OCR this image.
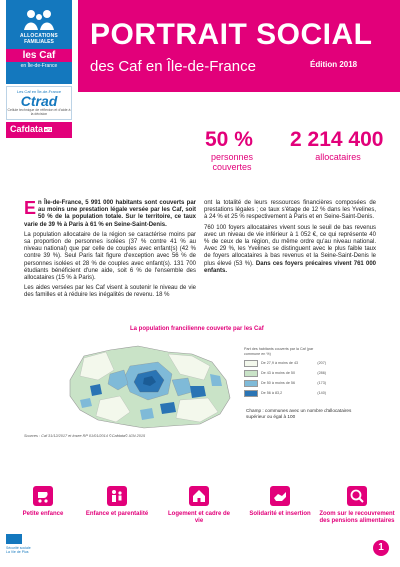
ALLOCATIONS
FAMILIALES
les Caf
en Île-de-France
Les Caf en Île-de-France
Ctrad
Cellule technique de réflexion et d'aide à la décision
Cafdata n°1
PORTRAIT SOCIAL
des Caf en Île-de-France	Édition 2018
50 %
personnes couvertes
2 214 400
allocataires

En Île-de-France, 5 991 000 habitants sont couverts par au moins une prestation légale versée par les Caf, soit 50 % de la population totale. Sur le territoire, ce taux varie de 39 % à Paris à 61 % en Seine-Saint-Denis.

La population allocataire de la région se caractérise moins par sa proportion de personnes isolées (37 % contre 41 % au niveau national) que par celle de couples avec enfant(s) (42 % contre 39 %). Seul Paris fait figure d'exception avec 56 % de personnes isolées et 28 % de couples avec enfant(s). 131 700 étudiants bénéficient d'une aide, soit 6 % de l'ensemble des allocataires (15 % à Paris).

Les aides versées par les Caf visent à soutenir le niveau de vie des familles et à réduire les inégalités de revenu. 18 %

ont la totalité de leurs ressources financières composées de prestations légales ; ce taux s'étage de 12 % dans les Yvelines, à 24 % et 25 % respectivement à Paris et en Seine-Saint-Denis.

760 100 foyers allocataires vivent sous le seuil de bas revenus avec un niveau de vie inférieur à 1 052 €, ce qui représente 40 % de ceux de la région, du même ordre qu'au niveau national. Avec 29 %, les Yvelines se distinguent avec le plus faible taux de foyers allocataires à bas revenus et la Seine-Saint-Denis le plus élevé (53 %). Dans ces foyers précaires vivent 761 000 enfants.

La population francilienne couverte par les Caf
Part des habitants couverts par la Caf (par commune en %)
De 27,9 à moins de 43	(207)
De 43 à moins de 50	(286)
De 50 à moins de 56	(173)
De 56 à 83,2	(140)
Champ : communes avec un nombre d'allocataires supérieur ou égal à 100
Sources : Caf 31/12/2017 et Insee RP 01/01/2014 ©Cafdata©.IGN 2015
Petite enfance	Enfance et parentalité	Logement et cadre de vie
Solidarité et insertion	Zoom sur le recouvrement des pensions alimentaires
Sécurité sociale
La Vie de Plus	1
